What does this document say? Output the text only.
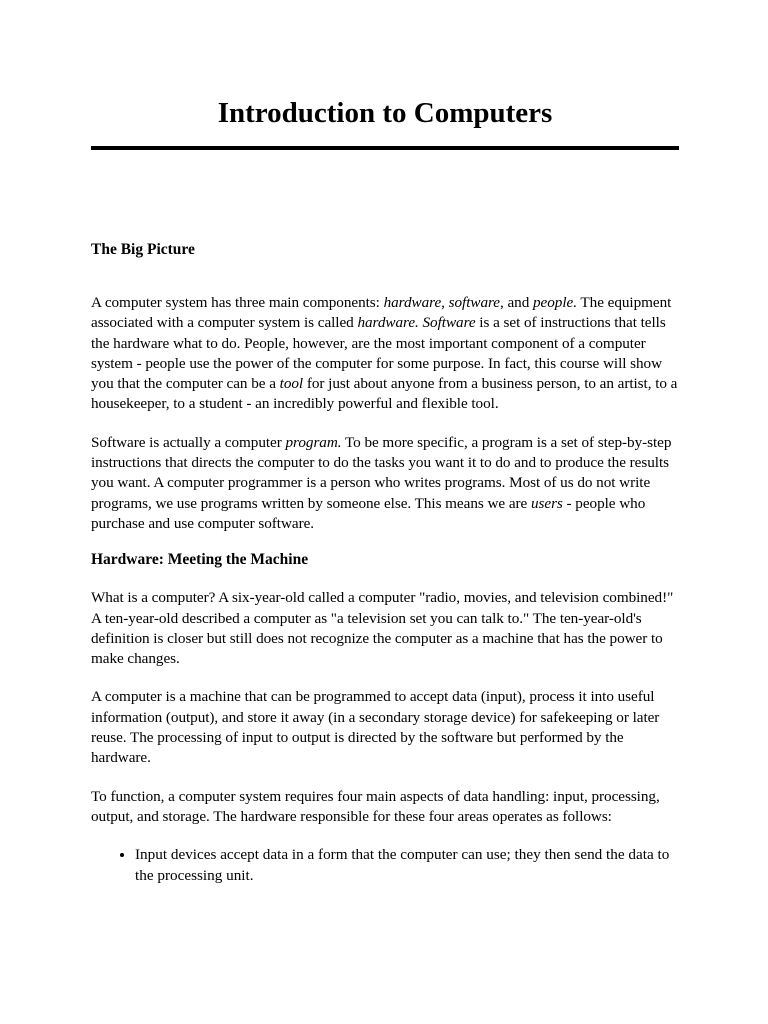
Introduction to Computers
The Big Picture

A computer system has three main components: hardware, software, and people. The equipment associated with a computer system is called hardware. Software is a set of instructions that tells the hardware what to do. People, however, are the most important component of a computer system - people use the power of the computer for some purpose. In fact, this course will show you that the computer can be a tool for just about anyone from a business person, to an artist, to a housekeeper, to a student - an incredibly powerful and flexible tool.

Software is actually a computer program. To be more specific, a program is a set of step-by-step instructions that directs the computer to do the tasks you want it to do and to produce the results you want. A computer programmer is a person who writes programs. Most of us do not write programs, we use programs written by someone else. This means we are users - people who purchase and use computer software.

Hardware: Meeting the Machine

What is a computer? A six-year-old called a computer "radio, movies, and television combined!" A ten-year-old described a computer as "a television set you can talk to." The ten-year-old's definition is closer but still does not recognize the computer as a machine that has the power to make changes.

A computer is a machine that can be programmed to accept data (input), process it into useful information (output), and store it away (in a secondary storage device) for safekeeping or later reuse. The processing of input to output is directed by the software but performed by the hardware.

To function, a computer system requires four main aspects of data handling: input, processing, output, and storage. The hardware responsible for these four areas operates as follows:

• Input devices accept data in a form that the computer can use; they then send the data to the processing unit.
